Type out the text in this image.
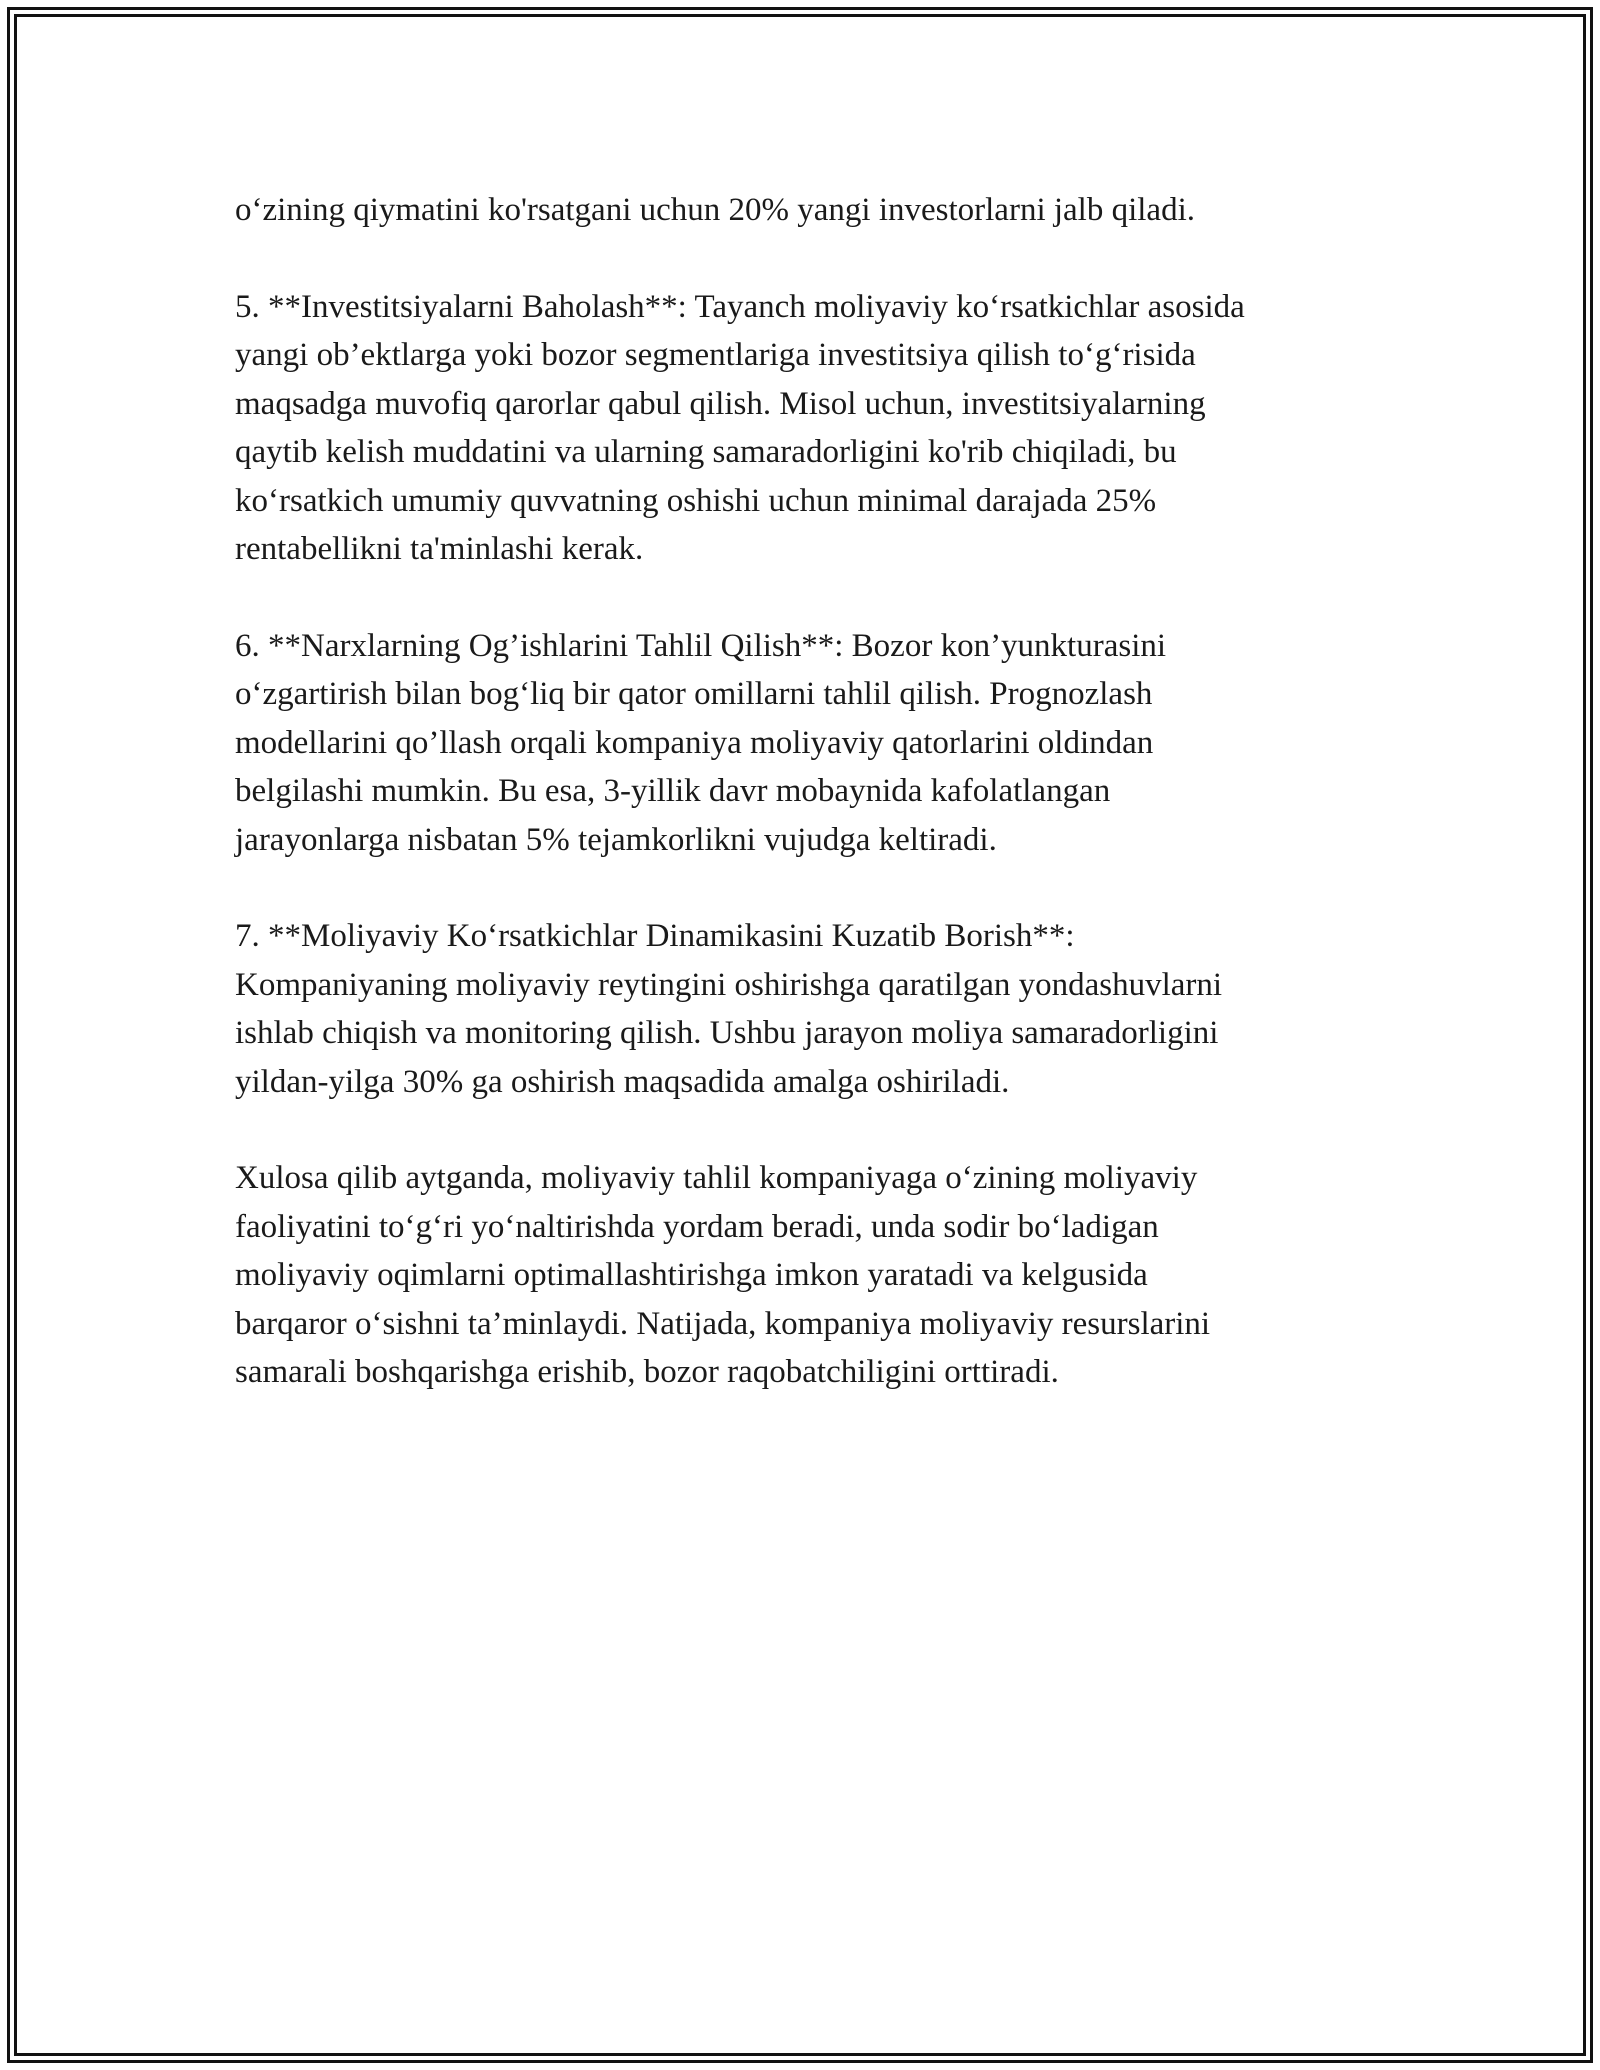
o‘zining qiymatini ko'rsatgani uchun 20% yangi investorlarni jalb qiladi.

5. **Investitsiyalarni Baholash**: Tayanch moliyaviy ko‘rsatkichlar asosida
yangi ob’ektlarga yoki bozor segmentlariga investitsiya qilish to‘g‘risida
maqsadga muvofiq qarorlar qabul qilish. Misol uchun, investitsiyalarning
qaytib kelish muddatini va ularning samaradorligini ko'rib chiqiladi, bu
ko‘rsatkich umumiy quvvatning oshishi uchun minimal darajada 25%
rentabellikni ta'minlashi kerak.

6. **Narxlarning Og’ishlarini Tahlil Qilish**: Bozor kon’yunkturasini
o‘zgartirish bilan bog‘liq bir qator omillarni tahlil qilish. Prognozlash
modellarini qo’llash orqali kompaniya moliyaviy qatorlarini oldindan
belgilashi mumkin. Bu esa, 3-yillik davr mobaynida kafolatlangan
jarayonlarga nisbatan 5% tejamkorlikni vujudga keltiradi.

7. **Moliyaviy Ko‘rsatkichlar Dinamikasini Kuzatib Borish**:
Kompaniyaning moliyaviy reytingini oshirishga qaratilgan yondashuvlarni
ishlab chiqish va monitoring qilish. Ushbu jarayon moliya samaradorligini
yildan-yilga 30% ga oshirish maqsadida amalga oshiriladi.

Xulosa qilib aytganda, moliyaviy tahlil kompaniyaga o‘zining moliyaviy
faoliyatini to‘g‘ri yo‘naltirishda yordam beradi, unda sodir bo‘ladigan
moliyaviy oqimlarni optimallashtirishga imkon yaratadi va kelgusida
barqaror o‘sishni ta’minlaydi. Natijada, kompaniya moliyaviy resurslarini
samarali boshqarishga erishib, bozor raqobatchiligini orttiradi.
